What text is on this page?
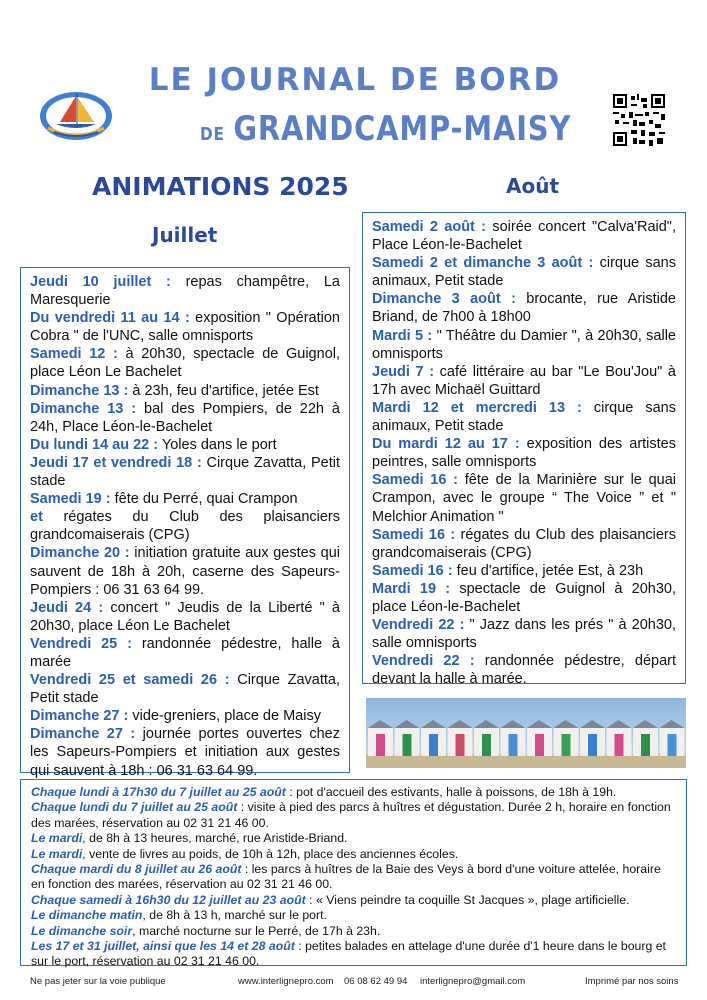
LE JOURNAL DE BORD
DE GRANDCAMP-MAISY
ANIMATIONS 2025
Juillet
Août
Jeudi 10 juillet : repas champêtre, La Maresquerie
Du vendredi 11 au 14 : exposition " Opération Cobra " de l'UNC, salle omnisports
Samedi 12 : à 20h30, spectacle de Guignol, place Léon Le Bachelet
Dimanche 13 : à 23h, feu d'artifice, jetée Est
Dimanche 13 : bal des Pompiers, de 22h à 24h, Place Léon-le-Bachelet
Du lundi 14 au 22 : Yoles dans le port
Jeudi 17 et vendredi 18 : Cirque Zavatta, Petit stade
Samedi 19 : fête du Perré, quai Crampon
et régates du Club des plaisanciers grandcomaiserais (CPG)
Dimanche 20 : initiation gratuite aux gestes qui sauvent de 18h à 20h, caserne des Sapeurs-Pompiers : 06 31 63 64 99.
Jeudi 24 : concert " Jeudis de la Liberté " à 20h30, place Léon Le Bachelet
Vendredi 25 : randonnée pédestre, halle à marée
Vendredi 25 et samedi 26 : Cirque Zavatta, Petit stade
Dimanche 27 : vide-greniers, place de Maisy
Dimanche 27 : journée portes ouvertes chez les Sapeurs-Pompiers et initiation aux gestes qui sauvent à 18h : 06 31 63 64 99.
Samedi 2 août : soirée concert "Calva'Raid", Place Léon-le-Bachelet
Samedi 2 et dimanche 3 août : cirque sans animaux, Petit stade
Dimanche 3 août : brocante, rue Aristide Briand, de 7h00 à 18h00
Mardi 5 : " Théâtre du Damier ", à 20h30, salle omnisports
Jeudi 7 : café littéraire au bar "Le Bou'Jou" à 17h avec Michaël Guittard
Mardi 12 et mercredi 13 : cirque sans animaux, Petit stade
Du mardi 12 au 17 : exposition des artistes peintres, salle omnisports
Samedi 16 : fête de la Marinière sur le quai Crampon, avec le groupe “ The Voice ” et " Melchior Animation "
Samedi 16 : régates du Club des plaisanciers grandcomaiserais (CPG)
Samedi 16 : feu d'artifice, jetée Est, à 23h
Mardi 19 : spectacle de Guignol à 20h30, place Léon-le-Bachelet
Vendredi 22 : " Jazz dans les prés " à 20h30, salle omnisports
Vendredi 22 : randonnée pédestre, départ devant la halle à marée.
Chaque lundi à 17h30 du 7 juillet au 25 août : pot d'accueil des estivants, halle à poissons, de 18h à 19h.
Chaque lundi du 7 juillet au 25 août : visite à pied des parcs à huîtres et dégustation. Durée 2 h, horaire en fonction des marées, réservation au 02 31 21 46 00.
Le mardi, de 8h à 13 heures, marché, rue Aristide-Briand.
Le mardi, vente de livres au poids, de 10h à 12h, place des anciennes écoles.
Chaque mardi du 8 juillet au 26 août : les parcs à huîtres de la Baie des Veys à bord d'une voiture attelée, horaire en fonction des marées, réservation au 02 31 21 46 00.
Chaque samedi à 16h30 du 12 juillet au 23 août : « Viens peindre ta coquille St Jacques », plage artificielle.
Le dimanche matin, de 8h à 13 h, marché sur le port.
Le dimanche soir, marché nocturne sur le Perré, de 17h à 23h.
Les 17 et 31 juillet, ainsi que les 14 et 28 août : petites balades en attelage d'une durée d'1 heure dans le bourg et sur le port, réservation au 02 31 21 46 00.
Ne pas jeter sur la voie publique	www.interlignepro.com 06 08 62 49 94 interlignepro@gmail.com	Imprimé par nos soins
